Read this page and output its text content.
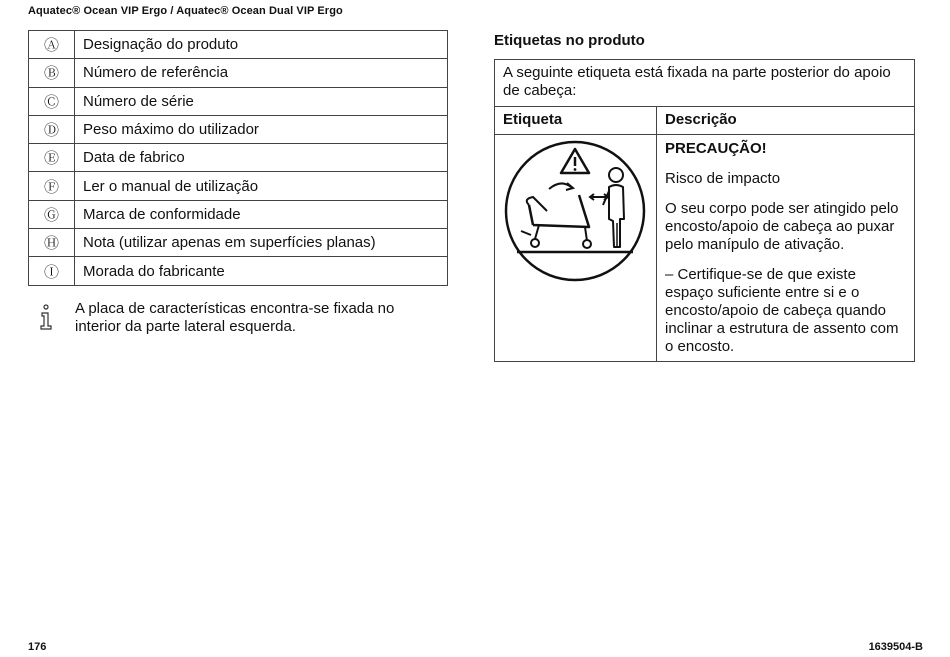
Aquatec® Ocean VIP Ergo / Aquatec® Ocean Dual VIP Ergo
Ⓐ	Designação do produto
Ⓑ	Número de referência
Ⓒ	Número de série
Ⓓ	Peso máximo do utilizador
Ⓔ	Data de fabrico
Ⓕ	Ler o manual de utilização
Ⓖ	Marca de conformidade
Ⓗ	Nota (utilizar apenas em superfícies planas)
Ⓘ	Morada do fabricante
A placa de características encontra-se fixada no interior da parte lateral esquerda.
Etiquetas no produto
A seguinte etiqueta está fixada na parte posterior do apoio de cabeça:	
Etiqueta	Descrição

PRECAUÇÃO!

Risco de impacto

O seu corpo pode ser atingido pelo encosto/apoio de cabeça ao puxar pelo manípulo de ativação.

– Certifique-se de que existe espaço suficiente entre si e o encosto/apoio de cabeça quando inclinar a estrutura de assento com o encosto.

176	1639504-B
